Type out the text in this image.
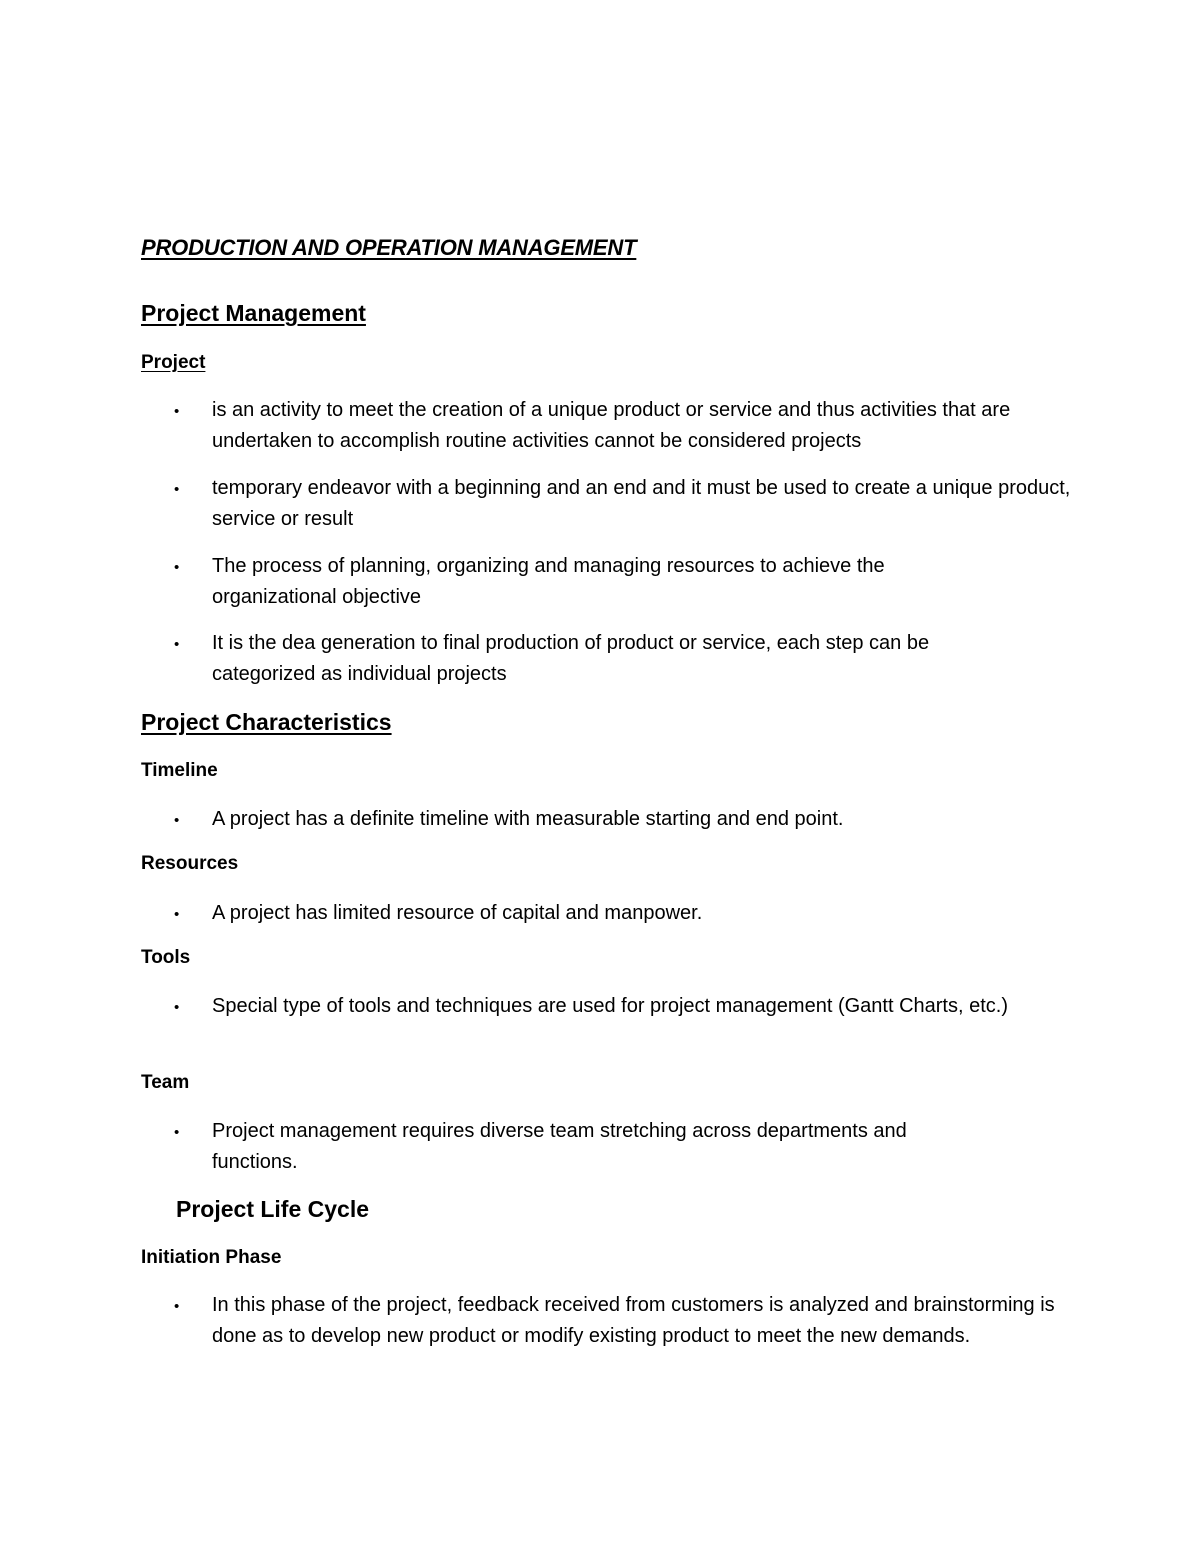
PRODUCTION AND OPERATION MANAGEMENT
Project Management
Project
• is an activity to meet the creation of a unique product or service and thus activities that are undertaken to accomplish routine activities cannot be considered projects
• temporary endeavor with a beginning and an end and it must be used to create a unique product, service or result
• The process of planning, organizing and managing resources to achieve the organizational objective
• It is the dea generation to final production of product or service, each step can be categorized as individual projects
Project Characteristics
Timeline
• A project has a definite timeline with measurable starting and end point.
Resources
• A project has limited resource of capital and manpower.
Tools
• Special type of tools and techniques are used for project management (Gantt Charts, etc.)
Team
• Project management requires diverse team stretching across departments and functions.
Project Life Cycle
Initiation Phase
• In this phase of the project, feedback received from customers is analyzed and brainstorming is done as to develop new product or modify existing product to meet the new demands.
